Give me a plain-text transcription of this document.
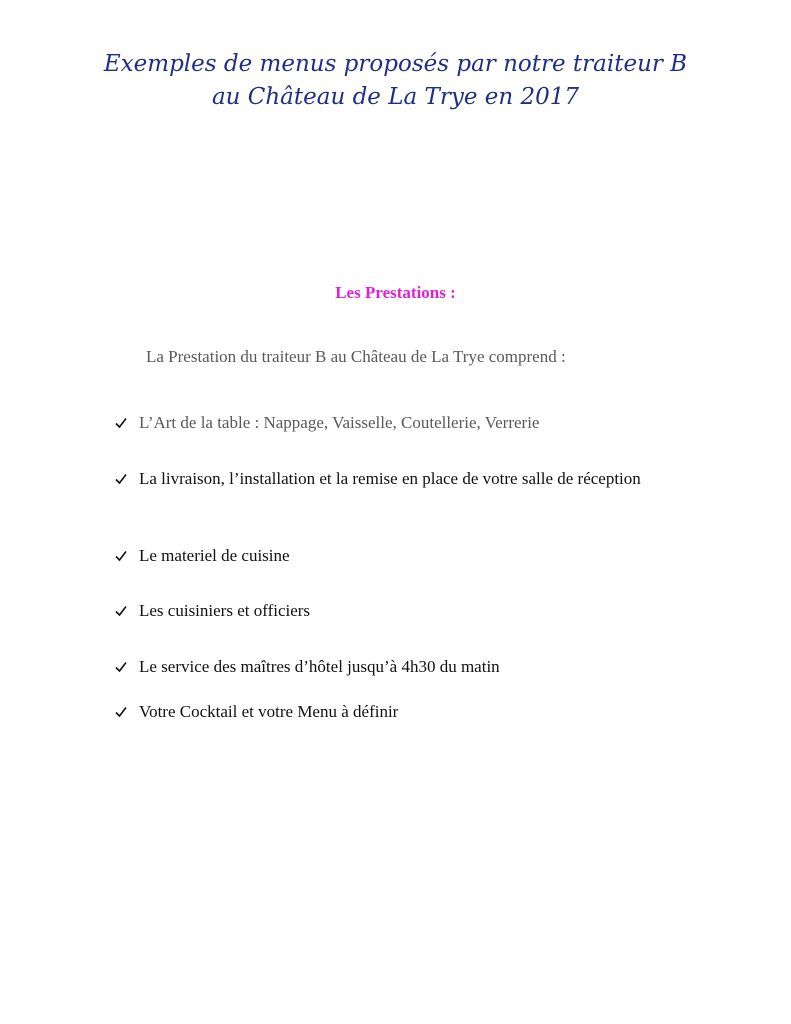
Exemples de menus proposés par notre traiteur B
au Château de La Trye en 2017
Les Prestations :
La Prestation du traiteur B au Château de La Trye comprend :
L’Art de la table : Nappage, Vaisselle, Coutellerie, Verrerie
La livraison, l’installation et la remise en place de votre salle de réception
Le materiel de cuisine
Les cuisiniers et officiers
Le service des maîtres d’hôtel jusqu’à 4h30 du matin
Votre Cocktail et votre Menu à définir
